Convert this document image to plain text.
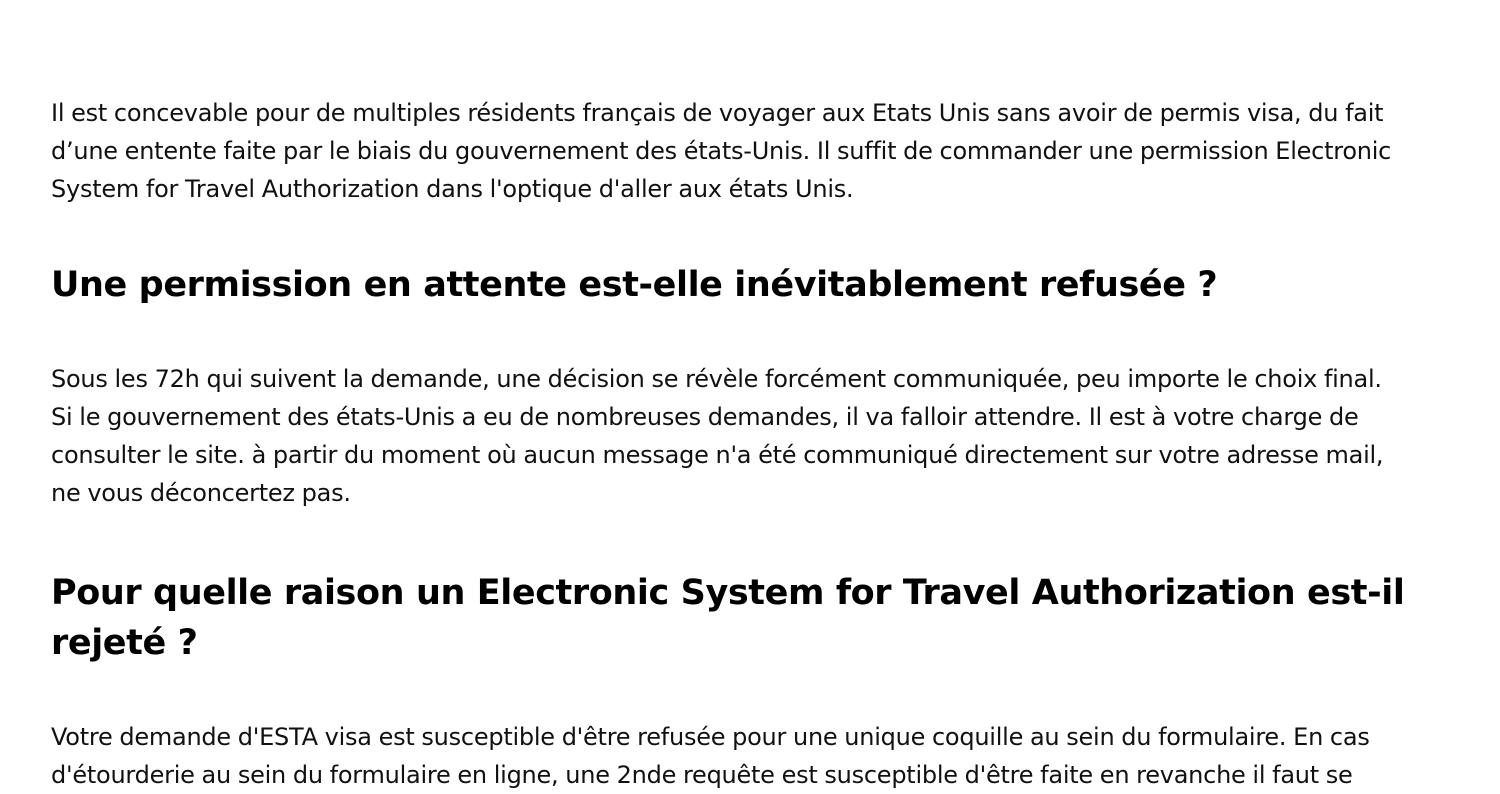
Il est concevable pour de multiples résidents français de voyager aux Etats Unis sans avoir de permis visa, du fait
d’une entente faite par le biais du gouvernement des états-Unis. Il suffit de commander une permission Electronic
System for Travel Authorization dans l'optique d'aller aux états Unis.

Une permission en attente est-elle inévitablement refusée ?

Sous les 72h qui suivent la demande, une décision se révèle forcément communiquée, peu importe le choix final.
Si le gouvernement des états-Unis a eu de nombreuses demandes, il va falloir attendre. Il est à votre charge de
consulter le site. à partir du moment où aucun message n'a été communiqué directement sur votre adresse mail,
ne vous déconcertez pas.

Pour quelle raison un Electronic System for Travel Authorization est-il
rejeté ?

Votre demande d'ESTA visa est susceptible d'être refusée pour une unique coquille au sein du formulaire. En cas
d'étourderie au sein du formulaire en ligne, une 2nde requête est susceptible d'être faite en revanche il faut se
